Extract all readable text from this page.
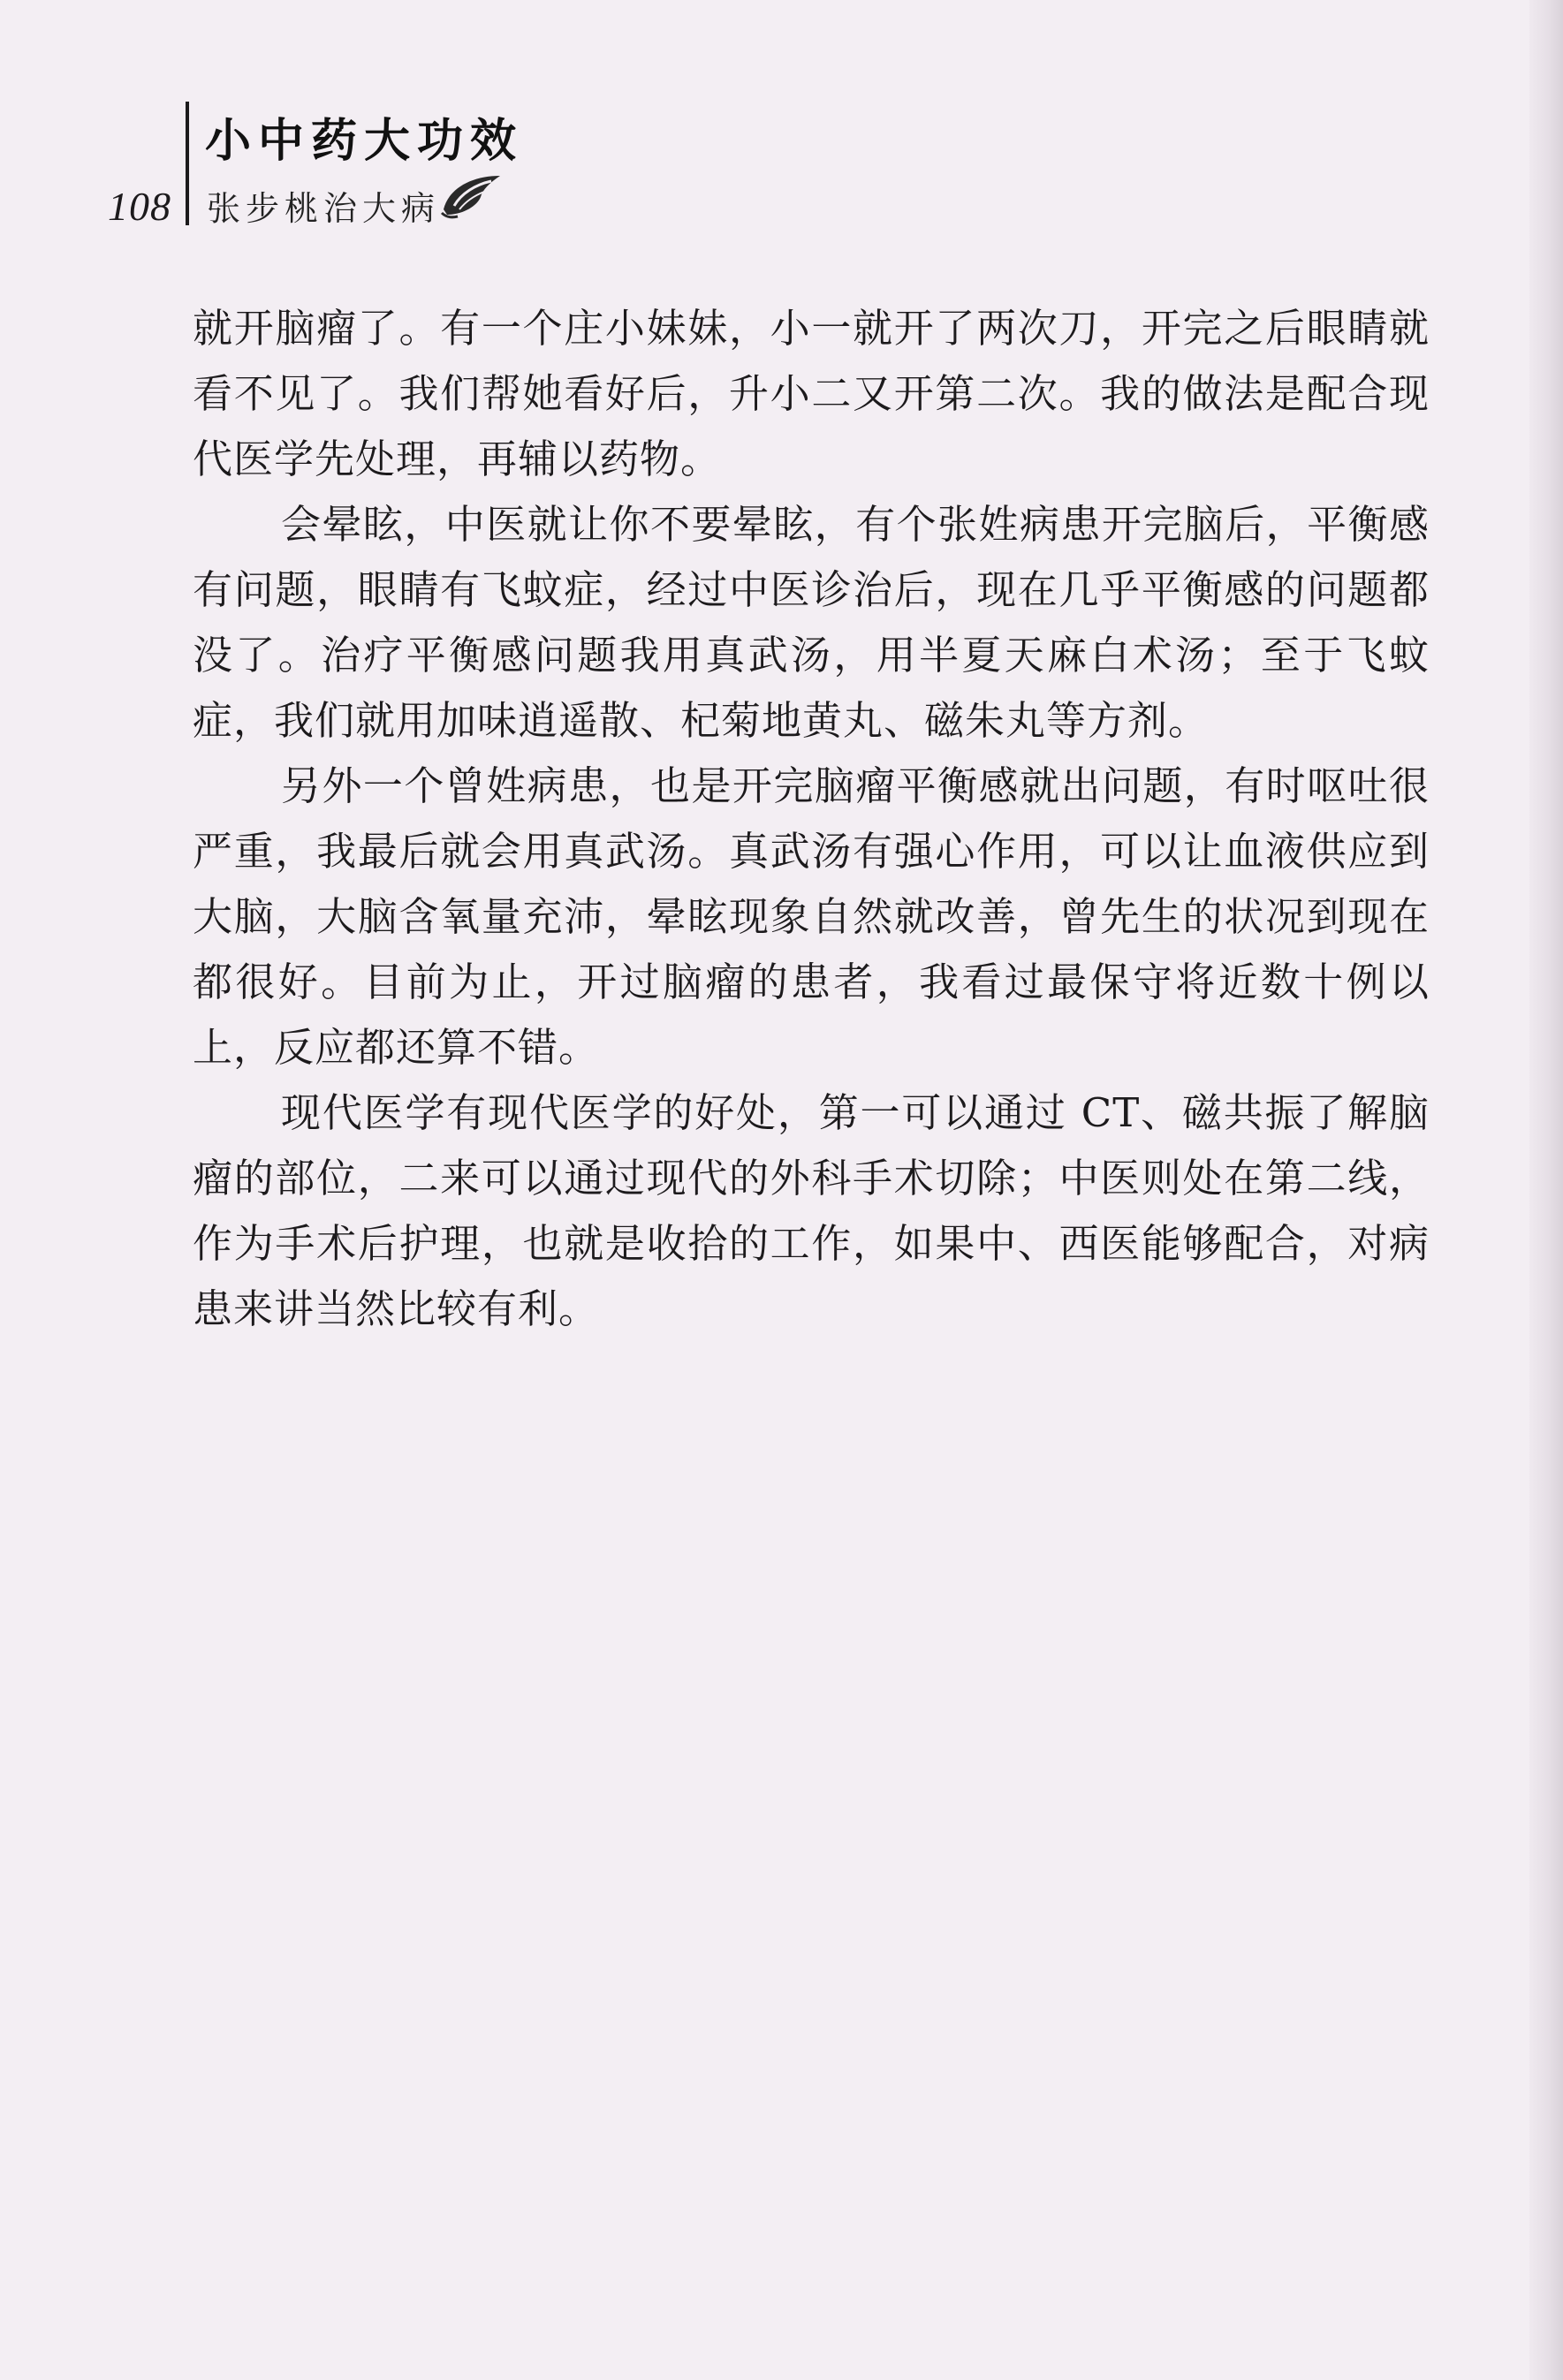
108
小中药大功效
张步桃治大病

就开脑瘤了。有一个庄小妹妹，小一就开了两次刀，开完之后眼睛就看不见了。我们帮她看好后，升小二又开第二次。我的做法是配合现代医学先处理，再辅以药物。

会晕眩，中医就让你不要晕眩，有个张姓病患开完脑后，平衡感有问题，眼睛有飞蚊症，经过中医诊治后，现在几乎平衡感的问题都没了。治疗平衡感问题我用真武汤，用半夏天麻白术汤；至于飞蚊症，我们就用加味逍遥散、杞菊地黄丸、磁朱丸等方剂。

另外一个曾姓病患，也是开完脑瘤平衡感就出问题，有时呕吐很严重，我最后就会用真武汤。真武汤有强心作用，可以让血液供应到大脑，大脑含氧量充沛，晕眩现象自然就改善，曾先生的状况到现在都很好。目前为止，开过脑瘤的患者，我看过最保守将近数十例以上，反应都还算不错。

现代医学有现代医学的好处，第一可以通过 CT、磁共振了解脑瘤的部位，二来可以通过现代的外科手术切除；中医则处在第二线，作为手术后护理，也就是收拾的工作，如果中、西医能够配合，对病患来讲当然比较有利。
